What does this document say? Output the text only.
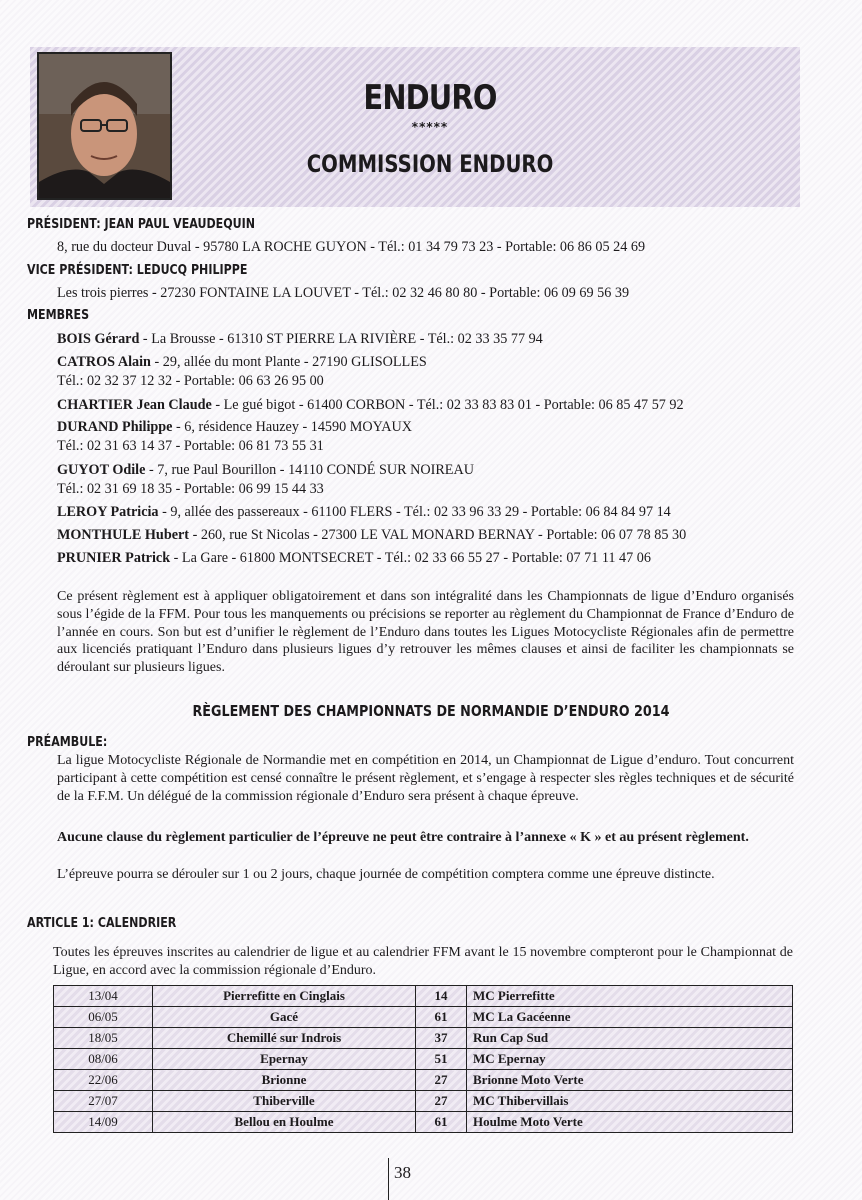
ENDURO
*****
COMMISSION ENDURO
PRÉSIDENT: JEAN PAUL VEAUDEQUIN
8, rue du docteur Duval - 95780 LA ROCHE GUYON - Tél.: 01 34 79 73 23 - Portable: 06 86 05 24 69
VICE PRÉSIDENT: LEDUCQ PHILIPPE
Les trois pierres - 27230 FONTAINE LA LOUVET - Tél.: 02 32 46 80 80 - Portable: 06 09 69 56 39
MEMBRES
BOIS Gérard - La Brousse - 61310 ST PIERRE LA RIVIÈRE - Tél.: 02 33 35 77 94
CATROS Alain - 29, allée du mont Plante - 27190 GLISOLLES
Tél.: 02 32 37 12 32 - Portable: 06 63 26 95 00
CHARTIER Jean Claude - Le gué bigot - 61400 CORBON - Tél.: 02 33 83 83 01 - Portable: 06 85 47 57 92
DURAND Philippe - 6, résidence Hauzey - 14590 MOYAUX
Tél.: 02 31 63 14 37 - Portable: 06 81 73 55 31
GUYOT Odile - 7, rue Paul Bourillon - 14110 CONDÉ SUR NOIREAU
Tél.: 02 31 69 18 35 - Portable: 06 99 15 44 33
LEROY Patricia - 9, allée des passereaux - 61100 FLERS - Tél.: 02 33 96 33 29 - Portable: 06 84 84 97 14
MONTHULE Hubert - 260, rue St Nicolas - 27300 LE VAL MONARD BERNAY - Portable: 06 07 78 85 30
PRUNIER Patrick - La Gare - 61800 MONTSECRET - Tél.: 02 33 66 55 27 - Portable: 07 71 11 47 06

Ce présent règlement est à appliquer obligatoirement et dans son intégralité dans les Championnats de ligue d’Enduro organisés sous l’égide de la FFM. Pour tous les manquements ou précisions se reporter au règlement du Championnat de France d’Enduro de l’année en cours. Son but est d’unifier le règlement de l’Enduro dans toutes les Ligues Motocycliste Régionales afin de permettre aux licenciés pratiquant l’Enduro dans plusieurs ligues d’y retrouver les mêmes clauses et ainsi de faciliter les championnats se déroulant sur plusieurs ligues.

RÈGLEMENT DES CHAMPIONNATS DE NORMANDIE D’ENDURO 2014
PRÉAMBULE:

La ligue Motocycliste Régionale de Normandie met en compétition en 2014, un Championnat de Ligue d’enduro. Tout concurrent participant à cette compétition est censé connaître le présent règlement, et s’engage à respecter sles règles techniques et de sécurité de la F.F.M. Un délégué de la commission régionale d’Enduro sera présent à chaque épreuve.

Aucune clause du règlement particulier de l’épreuve ne peut être contraire à l’annexe « K » et au présent règlement.

L’épreuve pourra se dérouler sur 1 ou 2 jours, chaque journée de compétition comptera comme une épreuve distincte.

ARTICLE 1: CALENDRIER

Toutes les épreuves inscrites au calendrier de ligue et au calendrier FFM avant le 15 novembre compteront pour le Championnat de Ligue, en accord avec la commission régionale d’Enduro.

13/04	Pierrefitte en Cinglais	14	MC Pierrefitte
06/05	Gacé	61	MC La Gacéenne
18/05	Chemillé sur Indrois	37	Run Cap Sud
08/06	Epernay	51	MC Epernay
22/06	Brionne	27	Brionne Moto Verte
27/07	Thiberville	27	MC Thibervillais
14/09	Bellou en Houlme	61	Houlme Moto Verte
38
